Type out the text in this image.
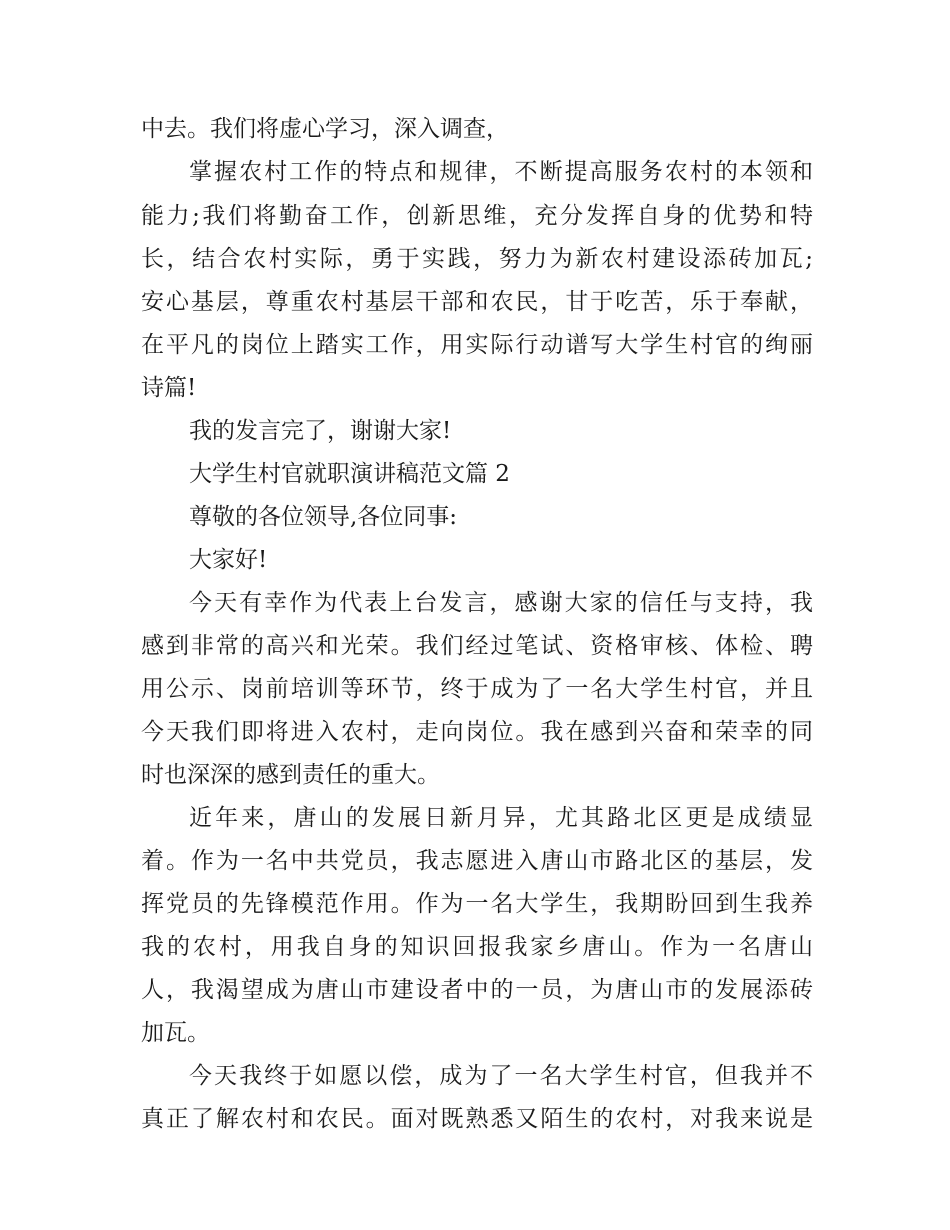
中去。我们将虚心学习，深入调查，
掌握农村工作的特点和规律，不断提高服务农村的本领和
能力;我们将勤奋工作，创新思维，充分发挥自身的优势和特
长，结合农村实际，勇于实践，努力为新农村建设添砖加瓦;
安心基层，尊重农村基层干部和农民，甘于吃苦，乐于奉献，
在平凡的岗位上踏实工作，用实际行动谱写大学生村官的绚丽
诗篇!
我的发言完了，谢谢大家!
大学生村官就职演讲稿范文篇 2
尊敬的各位领导,各位同事:
大家好!
今天有幸作为代表上台发言，感谢大家的信任与支持，我
感到非常的高兴和光荣。我们经过笔试、资格审核、体检、聘
用公示、岗前培训等环节，终于成为了一名大学生村官，并且
今天我们即将进入农村，走向岗位。我在感到兴奋和荣幸的同
时也深深的感到责任的重大。
近年来，唐山的发展日新月异，尤其路北区更是成绩显
着。作为一名中共党员，我志愿进入唐山市路北区的基层，发
挥党员的先锋模范作用。作为一名大学生，我期盼回到生我养
我的农村，用我自身的知识回报我家乡唐山。作为一名唐山
人，我渴望成为唐山市建设者中的一员，为唐山市的发展添砖
加瓦。
今天我终于如愿以偿，成为了一名大学生村官，但我并不
真正了解农村和农民。面对既熟悉又陌生的农村，对我来说是
